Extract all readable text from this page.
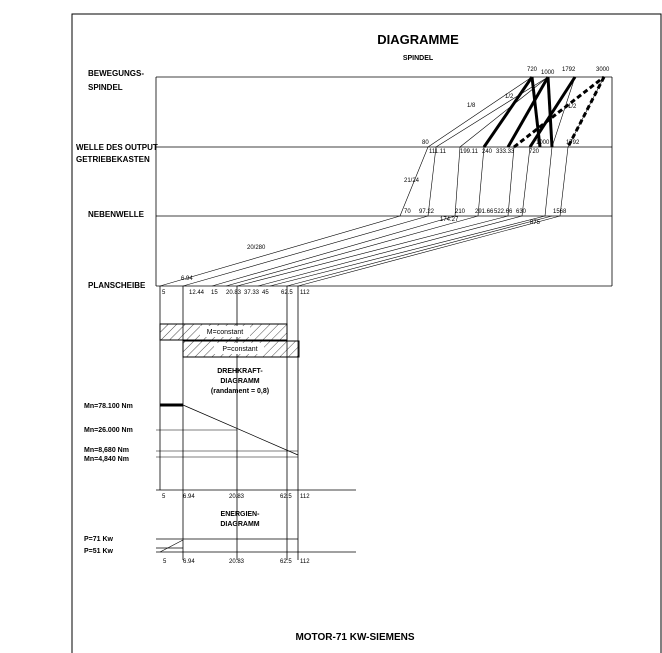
DIAGRAMME
SPINDEL
BEWEGUNGS-
SPINDEL
WELLE DES OUTPUT
GETRIEBEKASTEN
NEBENWELLE
PLANSCHEIBE
1/8
1/2
1/2
21/24
20/280
720 1000 1792	3000
80
111.11 199.11 240 333.33
1000
720
1792
70 97.22	210 291.66 522.66 630	1568
174.27	875
5
6.94
12.44 15 20.83 37.33 45 62.5 112
M=constant
P=constant
DREHKRAFT-
DIAGRAMM
(randament = 0,8)
Mn=78.100 Nm
Mn=26.000 Nm
Mn=8,680 Nm
Mn=4,840 Nm
5	6.94	20.83	62.5 112
ENERGIEN-
DIAGRAMM
P=71 Kw
P=51 Kw
5	6.94	20.83	62.5 112
MOTOR-71 KW-SIEMENS
